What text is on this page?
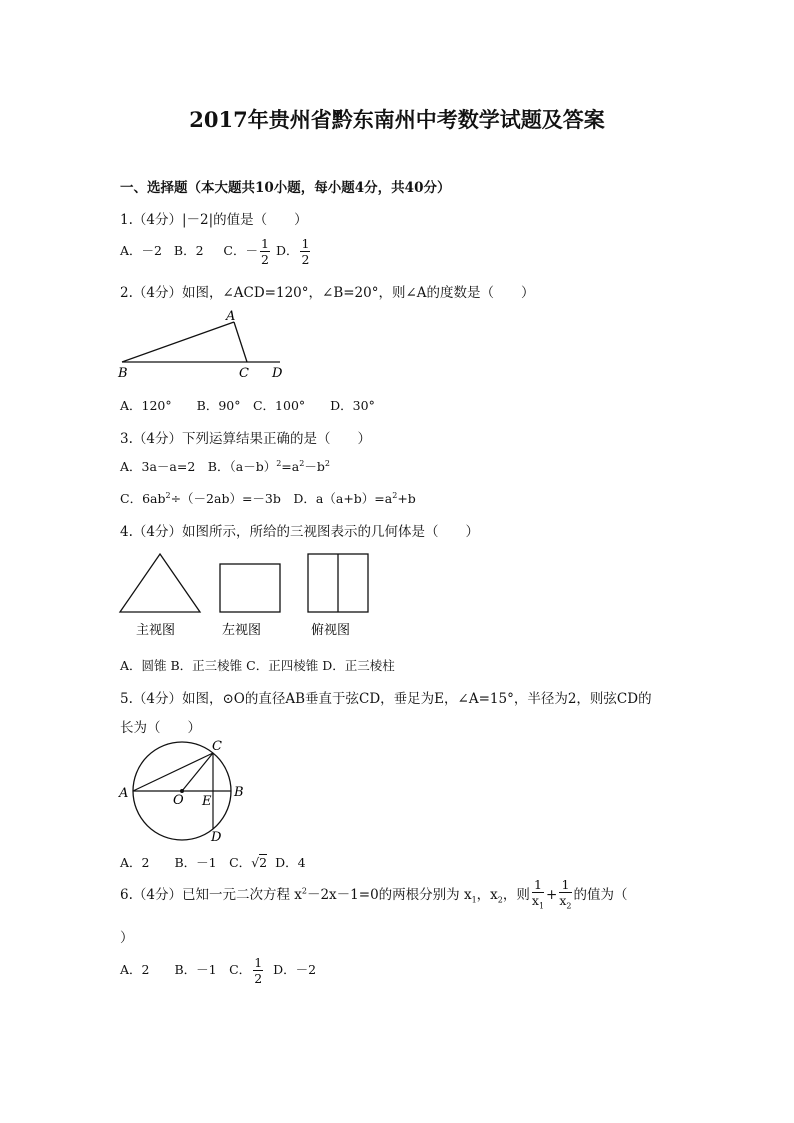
2017年贵州省黔东南州中考数学试题及答案
一、选择题（本大题共10小题，每小题4分，共40分）
1.（4分）|－2|的值是（　　）
A．－2 B．2 C．－ $\frac{1}{2}$ D． $\frac{1}{2}$
2.（4分）如图，∠ACD=120°，∠B=20°，则∠A的度数是（　　）
A
B	C D
A．120°　　B．90°　C．100°　　D．30°
3.（4分）下列运算结果正确的是（　　）
A．3a－a=2　B．$(a-b)^2=a^2-b^2$
C．$6ab^2\div(-2ab)=-3b$　D．$a(a+b)=a^2+b$
4.（4分）如图所示，所给的三视图表示的几何体是（　　）
主视图	左视图	俯视图
A．圆锥 B．正三棱锥 C．正四棱锥 D．正三棱柱
5.（4分）如图，⊙O的直径AB垂直于弦CD，垂足为E，∠A=15°，半径为2，则弦CD的
长为（　　）
A	B
C
D
O E
A．2　　B．－1　C．√2 D．4
6.（4分）已知一元二次方程 $x^2-2x-1=0$的两根分别为 $x_1$，$x_2$，则 $\frac{1}{x_1} + \frac{1}{x_2}$ 的值为（
）
A．2　　B．－1　C． $\frac{1}{2}$ D．－2
